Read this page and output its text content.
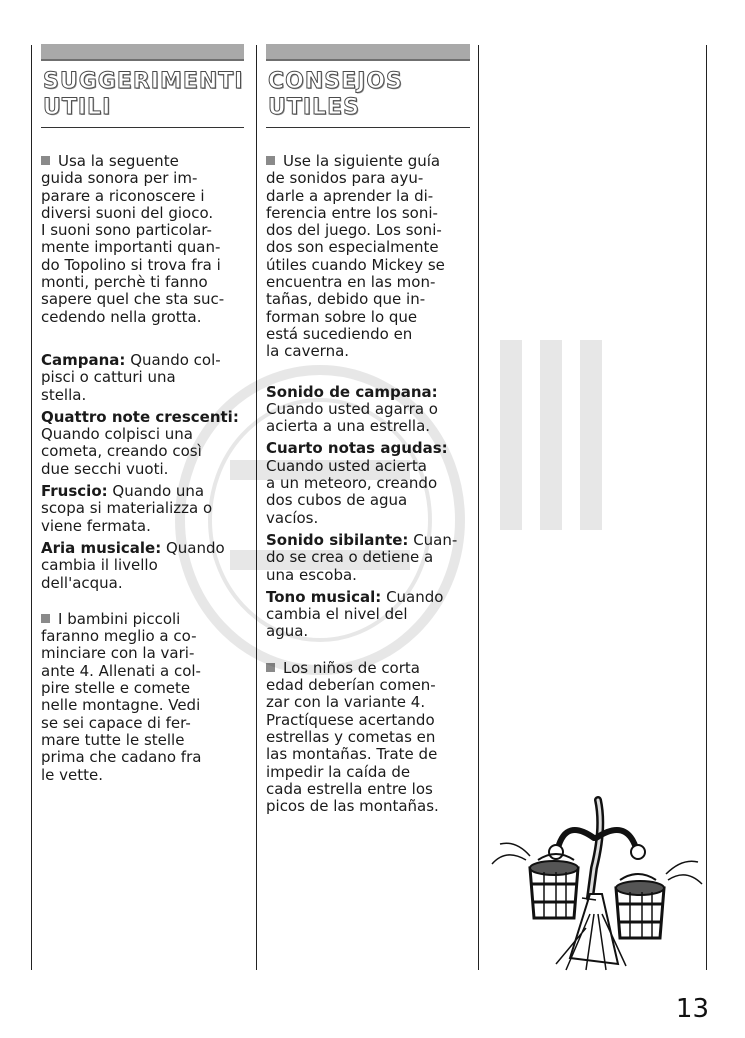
SUGGERIMENTI
UTILI
Usa la seguente
guida sonora per im-
parare a riconoscere i
diversi suoni del gioco.
I suoni sono particolar-
mente importanti quan-
do Topolino si trova fra i
monti, perchè ti fanno
sapere quel che sta suc-
cedendo nella grotta.
Campana: Quando col-
pisci o catturi una
stella.
Quattro note crescenti:
Quando colpisci una
cometa, creando così
due secchi vuoti.
Fruscio: Quando una
scopa si materializza o
viene fermata.
Aria musicale: Quando
cambia il livello
dell'acqua.
I bambini piccoli
faranno meglio a co-
minciare con la vari-
ante 4. Allenati a col-
pire stelle e comete
nelle montagne. Vedi
se sei capace di fer-
mare tutte le stelle
prima che cadano fra
le vette.
CONSEJOS
UTILES
Use la siguiente guía
de sonidos para ayu-
darle a aprender la di-
ferencia entre los soni-
dos del juego. Los soni-
dos son especialmente
útiles cuando Mickey se
encuentra en las mon-
tañas, debido que in-
forman sobre lo que
está sucediendo en
la caverna.
Sonido de campana:
Cuando usted agarra o
acierta a una estrella.
Cuarto notas agudas:
Cuando usted acierta
a un meteoro, creando
dos cubos de agua
vacíos.
Sonido sibilante: Cuan-
do se crea o detiene a
una escoba.
Tono musical: Cuando
cambia el nivel del
agua.
Los niños de corta
edad deberían comen-
zar con la variante 4.
Practíquese acertando
estrellas y cometas en
las montañas. Trate de
impedir la caída de
cada estrella entre los
picos de las montañas.
13
